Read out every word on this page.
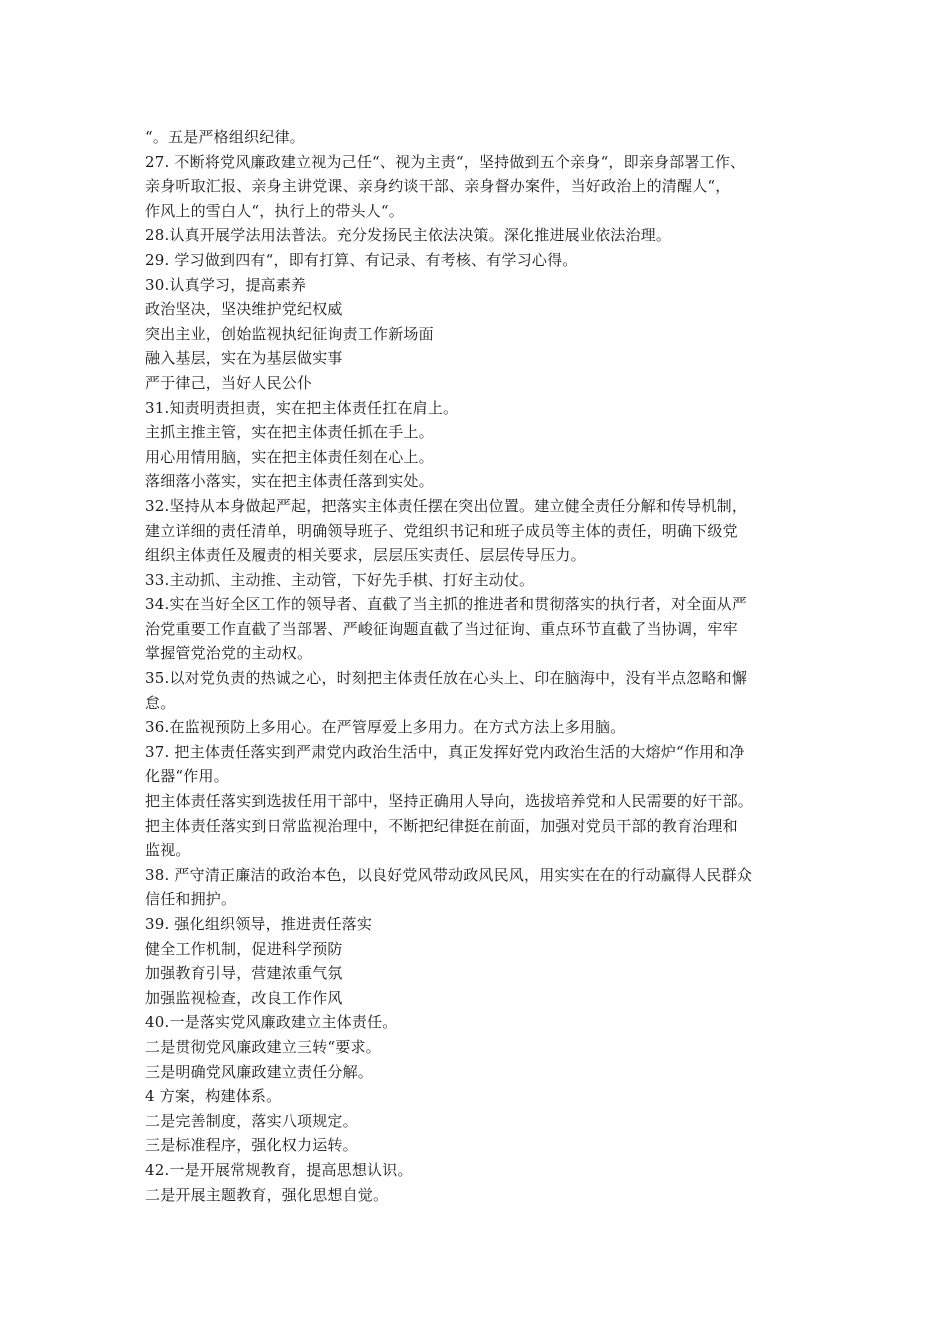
“。五是严格组织纪律。
27. 不断将党风廉政建立视为己任“、视为主责“，坚持做到五个亲身“，即亲身部署工作、
亲身听取汇报、亲身主讲党课、亲身约谈干部、亲身督办案件，当好政治上的清醒人“，
作风上的雪白人“，执行上的带头人“。
28.认真开展学法用法普法。充分发扬民主依法决策。深化推进展业依法治理。
29. 学习做到四有“，即有打算、有记录、有考核、有学习心得。
30.认真学习，提高素养
政治坚决，坚决维护党纪权威
突出主业，创始监视执纪征询责工作新场面
融入基层，实在为基层做实事
严于律己，当好人民公仆
31.知责明责担责，实在把主体责任扛在肩上。
主抓主推主管，实在把主体责任抓在手上。
用心用情用脑，实在把主体责任刻在心上。
落细落小落实，实在把主体责任落到实处。
32.坚持从本身做起严起，把落实主体责任摆在突出位置。建立健全责任分解和传导机制，
建立详细的责任清单，明确领导班子、党组织书记和班子成员等主体的责任，明确下级党
组织主体责任及履责的相关要求，层层压实责任、层层传导压力。
33.主动抓、主动推、主动管，下好先手棋、打好主动仗。
34.实在当好全区工作的领导者、直截了当主抓的推进者和贯彻落实的执行者，对全面从严
治党重要工作直截了当部署、严峻征询题直截了当过征询、重点环节直截了当协调，牢牢
掌握管党治党的主动权。
35.以对党负责的热诚之心，时刻把主体责任放在心头上、印在脑海中，没有半点忽略和懈
怠。
36.在监视预防上多用心。在严管厚爱上多用力。在方式方法上多用脑。
37. 把主体责任落实到严肃党内政治生活中，真正发挥好党内政治生活的大熔炉“作用和净
化器“作用。
把主体责任落实到选拔任用干部中，坚持正确用人导向，选拔培养党和人民需要的好干部。
把主体责任落实到日常监视治理中，不断把纪律挺在前面，加强对党员干部的教育治理和
监视。
38. 严守清正廉洁的政治本色，以良好党风带动政风民风，用实实在在的行动赢得人民群众
信任和拥护。
39. 强化组织领导，推进责任落实
健全工作机制，促进科学预防
加强教育引导，营建浓重气氛
加强监视检查，改良工作作风
40.一是落实党风廉政建立主体责任。
二是贯彻党风廉政建立三转“要求。
三是明确党风廉政建立责任分解。
4 方案，构建体系。
二是完善制度，落实八项规定。
三是标准程序，强化权力运转。
42.一是开展常规教育，提高思想认识。
二是开展主题教育，强化思想自觉。
